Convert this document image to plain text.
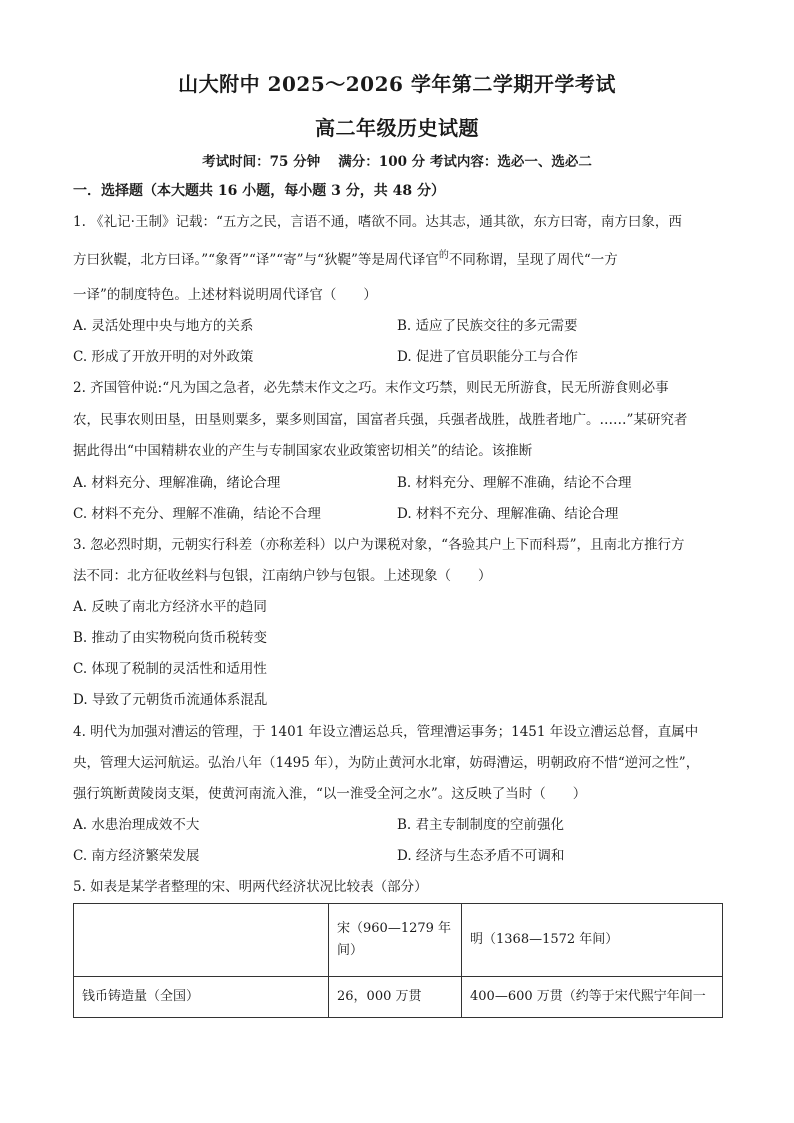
山大附中 2025～2026 学年第二学期开学考试
高二年级历史试题
考试时间：75 分钟　 满分：100 分 考试内容：选必一、选必二
一．选择题（本大题共 16 小题，每小题 3 分，共 48 分）
1. 《礼记·王制》记载：“五方之民，言语不通，嗜欲不同。达其志，通其欲，东方曰寄，南方曰象，西
方曰狄鞮，北方曰译。”“象胥”“译”“寄”与“狄鞮”等是周代译官$^的$不同称谓，呈现了周代“一方
一译”的制度特色。上述材料说明周代译官（　　）
A. 灵活处理中央与地方的关系	B. 适应了民族交往的多元需要
C. 形成了开放开明的对外政策	D. 促进了官员职能分工与合作
2. 齐国管仲说:“凡为国之急者，必先禁末作文之巧。末作文巧禁，则民无所游食，民无所游食则必事
农，民事农则田垦，田垦则粟多，粟多则国富，国富者兵强，兵强者战胜，战胜者地广。……”某研究者
据此得出“中国精耕农业的产生与专制国家农业政策密切相关”的结论。该推断
A. 材料充分、理解准确，绪论合理	B. 材料充分、理解不准确，结论不合理
C. 材料不充分、理解不准确，结论不合理	D. 材料不充分、理解准确、结论合理
3. 忽必烈时期，元朝实行科差（亦称差科）以户为课税对象，“各验其户上下而科焉”，且南北方推行方
法不同：北方征收丝料与包银，江南纳户钞与包银。上述现象（　　）
A. 反映了南北方经济水平的趋同
B. 推动了由实物税向货币税转变
C. 体现了税制的灵活性和适用性
D. 导致了元朝货币流通体系混乱
4. 明代为加强对漕运的管理，于 1401 年设立漕运总兵，管理漕运事务；1451 年设立漕运总督，直属中
央，管理大运河航运。弘治八年（1495 年），为防止黄河水北窜，妨碍漕运，明朝政府不惜“逆河之性”，
强行筑断黄陵岗支渠，使黄河南流入淮，“以一淮受全河之水”。这反映了当时（　　）
A. 水患治理成效不大	B. 君主专制制度的空前强化
C. 南方经济繁荣发展	D. 经济与生态矛盾不可调和
5. 如表是某学者整理的宋、明两代经济状况比较表（部分）
	宋（960—1279 年间）	明（1368—1572 年间）
钱币铸造量（全国）	26，000 万贯	400—600 万贯（约等于宋代熙宁年间一
